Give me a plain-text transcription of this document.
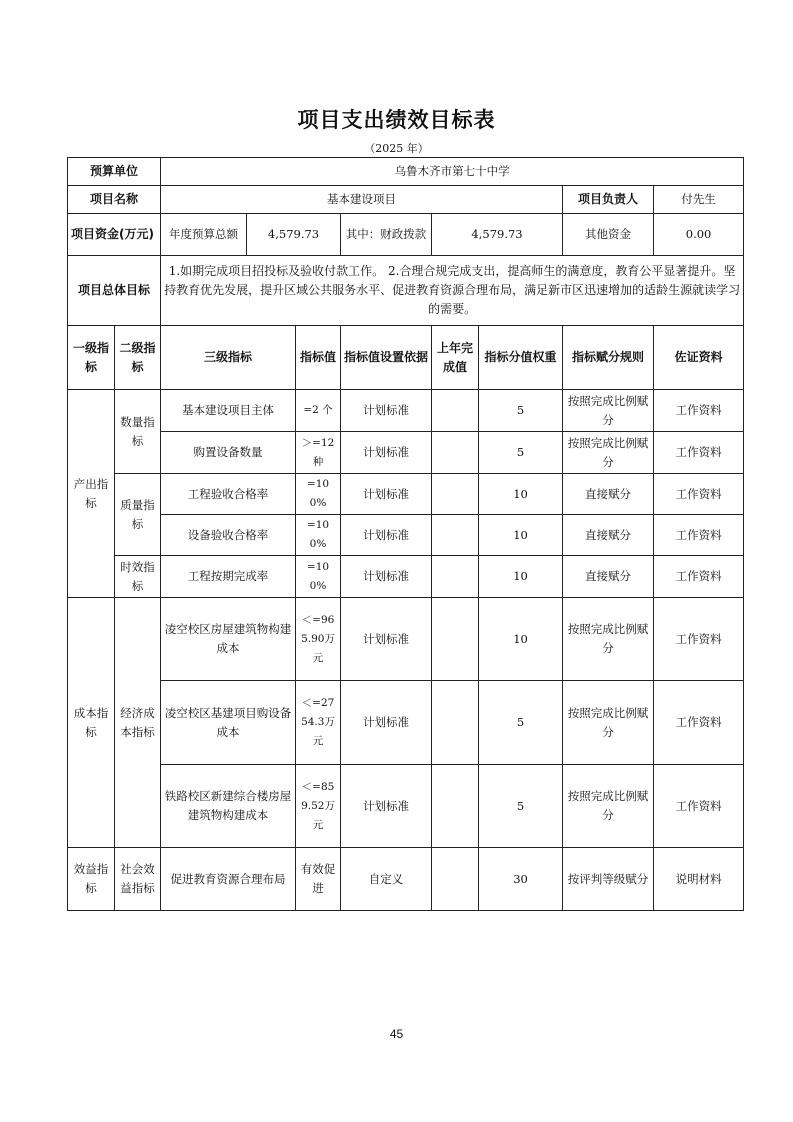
项目支出绩效目标表
（2025 年）
预算单位		乌鲁木齐市第七十中学							
项目名称		基本建设项目						项目负责人	付先生
项目资金(万元)		年度预算总额	4,579.73		其中：财政拨款	4,579.73		其他资金	0.00
项目总体目标		1.如期完成项目招投标及验收付款工作。 2.合理合规完成支出，提高师生的满意度，教育公平显著提升。坚持教育优先发展，提升区域公共服务水平、促进教育资源合理布局，满足新市区迅速增加的适龄生源就读学习的需要。							
一级指标	二级指标	三级指标		指标值	指标值设置依据	上年完成值	指标分值权重	指标赋分规则	佐证资料
产出指标	数量指标	基本建设项目主体		=2 个	计划标准		5	按照完成比例赋分	工作资料
		购置设备数量		＞=12种	计划标准		5	按照完成比例赋分	工作资料
	质量指标	工程验收合格率		=100%	计划标准		10	直接赋分	工作资料
		设备验收合格率		=100%	计划标准		10	直接赋分	工作资料
	时效指标	工程按期完成率		=100%	计划标准		10	直接赋分	工作资料

成本指标	经济成本指标	凌空校区房屋建筑物构建成本		＜=965.90万元	计划标准		10	按照完成比例赋分	工作资料
		凌空校区基建项目购设备成本		＜=2754.3万元	计划标准		5	按照完成比例赋分	工作资料
		铁路校区新建综合楼房屋建筑物构建成本		＜=859.52万元	计划标准		5	按照完成比例赋分	工作资料
效益指标	社会效益指标	促进教育资源合理布局		有效促进	自定义		30	按评判等级赋分	说明材料
45
